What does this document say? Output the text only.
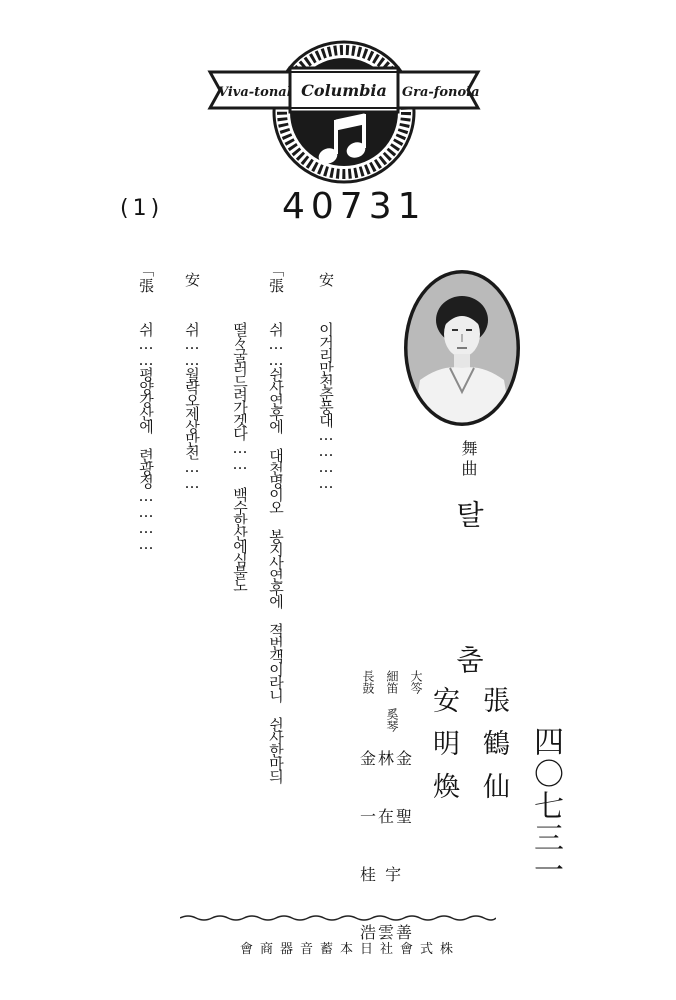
Viva-tonal Columbia Gra-fonola
(1)	40731
舞曲
탈 춤
張鶴仙
安明煥
大笒
細笛 奚琴
長鼓
金林金 一在聖桂 宇浩雲善
四〇七三一
安
이거리만천춘풍대…………
「張
쉬……쉰사연후에 대천명이오 봉지사연후에 젹번객이라니 쉰사한마듸
떨々굴러드려가겟다…… 백수한산에심불노
安
쉬……월락오제상만천……
「張
쉬……평양강산에 련광정…………
株式會社日本蓄音器商會
